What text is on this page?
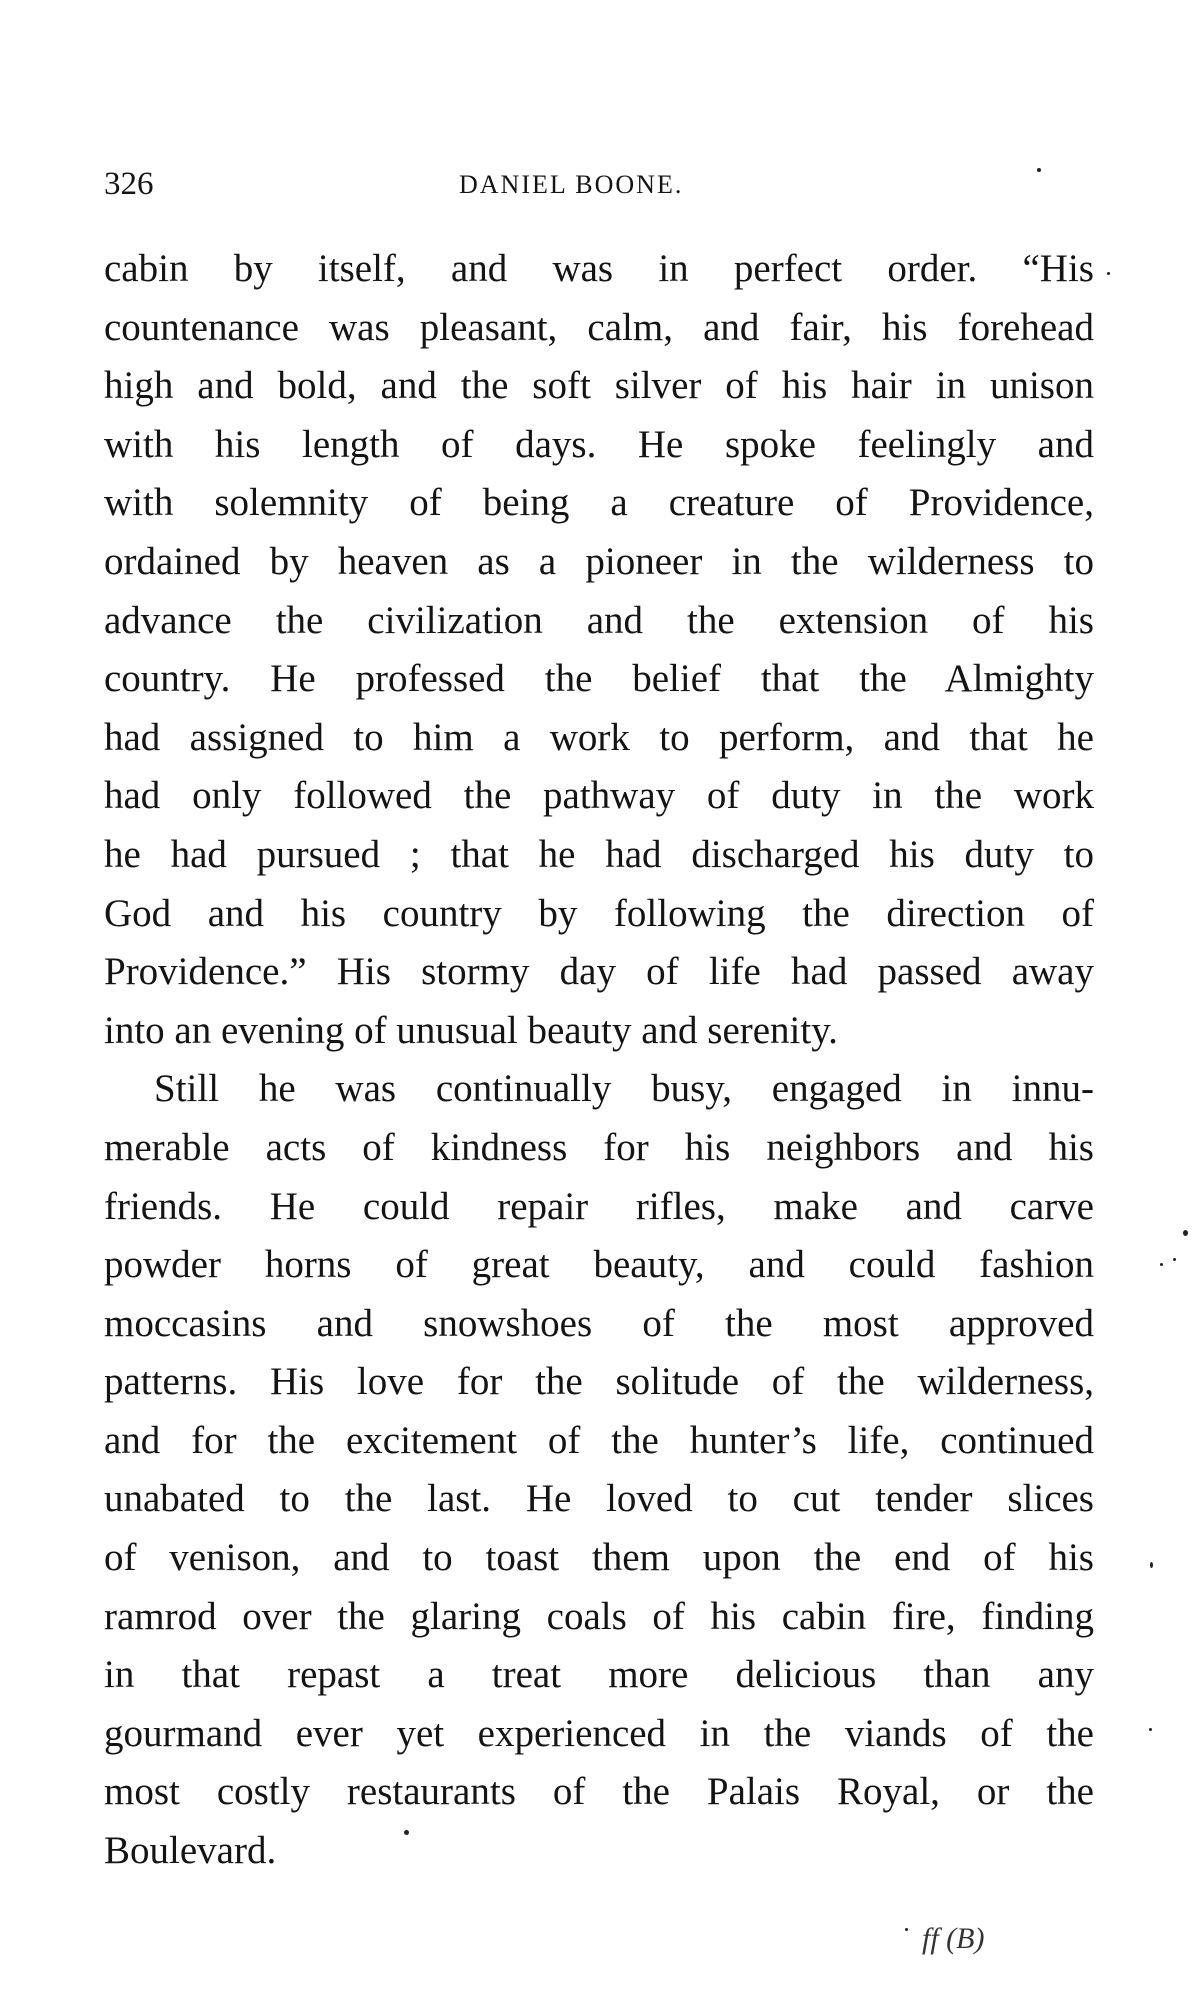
326	DANIEL BOONE.
cabin by itself, and was in perfect order. “His
countenance was pleasant, calm, and fair, his forehead
high and bold, and the soft silver of his hair in unison
with his length of days. He spoke feelingly and
with solemnity of being a creature of Providence,
ordained by heaven as a pioneer in the wilderness to
advance the civilization and the extension of his
country. He professed the belief that the Almighty
had assigned to him a work to perform, and that he
had only followed the pathway of duty in the work
he had pursued ; that he had discharged his duty to
God and his country by following the direction of
Providence.” His stormy day of life had passed away
into an evening of unusual beauty and serenity.
Still he was continually busy, engaged in innu-
merable acts of kindness for his neighbors and his
friends. He could repair rifles, make and carve
powder horns of great beauty, and could fashion
moccasins and snowshoes of the most approved
patterns. His love for the solitude of the wilderness,
and for the excitement of the hunter’s life, continued
unabated to the last. He loved to cut tender slices
of venison, and to toast them upon the end of his
ramrod over the glaring coals of his cabin fire, finding
in that repast a treat more delicious than any
gourmand ever yet experienced in the viands of the
most costly restaurants of the Palais Royal, or the
Boulevard.
ff (B)
